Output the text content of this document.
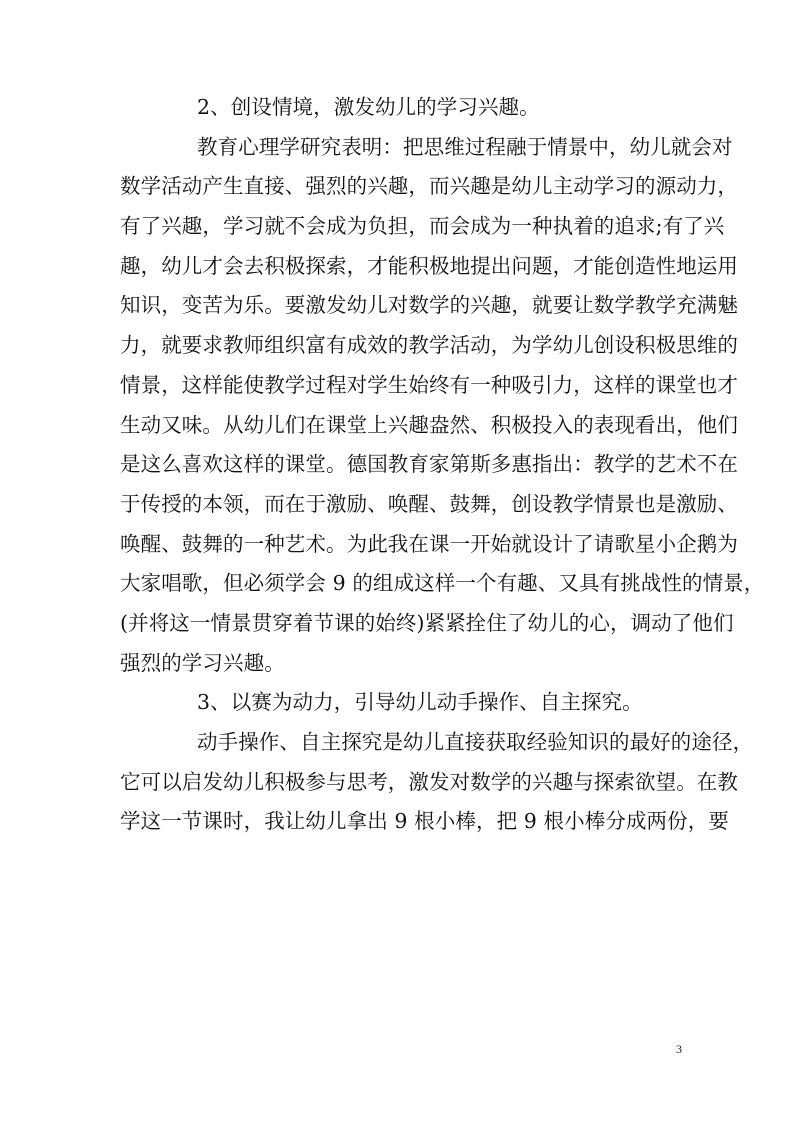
2、创设情境，激发幼儿的学习兴趣。
教育心理学研究表明：把思维过程融于情景中，幼儿就会对
数学活动产生直接、强烈的兴趣，而兴趣是幼儿主动学习的源动力，
有了兴趣，学习就不会成为负担，而会成为一种执着的追求;有了兴
趣，幼儿才会去积极探索，才能积极地提出问题，才能创造性地运用
知识，变苦为乐。要激发幼儿对数学的兴趣，就要让数学教学充满魅
力，就要求教师组织富有成效的教学活动，为学幼儿创设积极思维的
情景，这样能使教学过程对学生始终有一种吸引力，这样的课堂也才
生动又味。从幼儿们在课堂上兴趣盎然、积极投入的表现看出，他们
是这么喜欢这样的课堂。德国教育家第斯多惠指出：教学的艺术不在
于传授的本领，而在于激励、唤醒、鼓舞，创设教学情景也是激励、
唤醒、鼓舞的一种艺术。为此我在课一开始就设计了请歌星小企鹅为
大家唱歌，但必须学会 9 的组成这样一个有趣、又具有挑战性的情景，
(并将这一情景贯穿着节课的始终)紧紧拴住了幼儿的心，调动了他们
强烈的学习兴趣。
3、以赛为动力，引导幼儿动手操作、自主探究。
动手操作、自主探究是幼儿直接获取经验知识的最好的途径，
它可以启发幼儿积极参与思考，激发对数学的兴趣与探索欲望。在教
学这一节课时，我让幼儿拿出 9 根小棒，把 9 根小棒分成两份，要
3
